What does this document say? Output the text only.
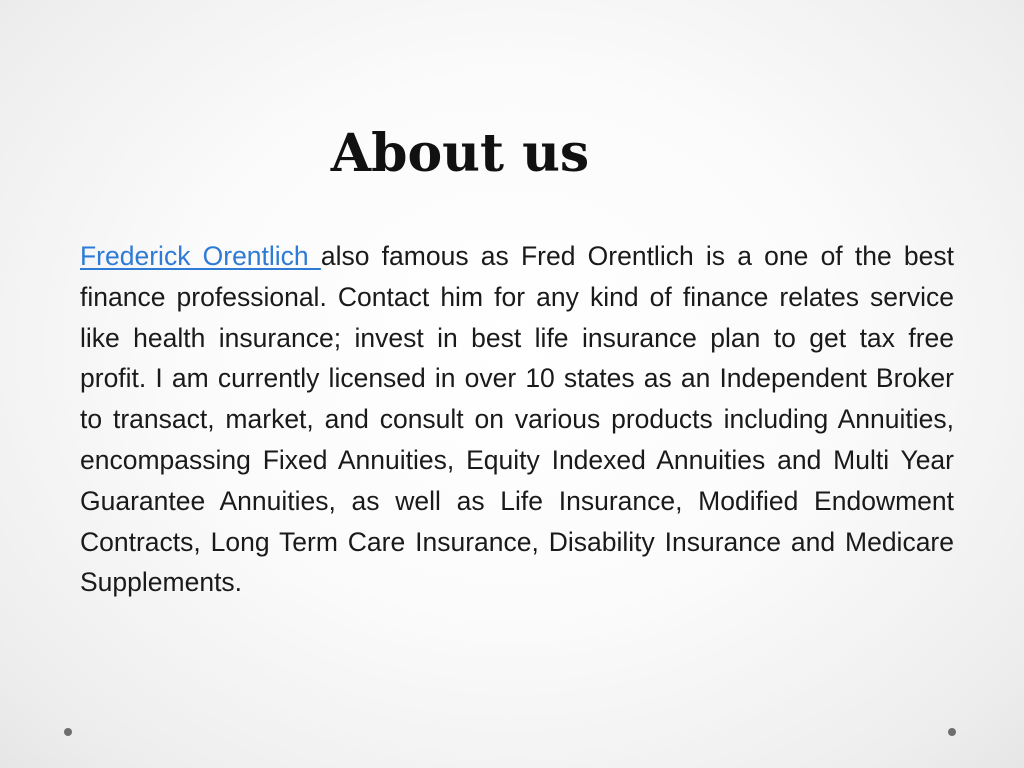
About us

Frederick Orentlich also famous as Fred Orentlich is a one of the best finance professional. Contact him for any kind of finance relates service like health insurance; invest in best life insurance plan to get tax free profit. I am currently licensed in over 10 states as an Independent Broker to transact, market, and consult on various products including Annuities, encompassing Fixed Annuities, Equity Indexed Annuities and Multi Year Guarantee Annuities, as well as Life Insurance, Modified Endowment Contracts, Long Term Care Insurance, Disability Insurance and Medicare Supplements.
